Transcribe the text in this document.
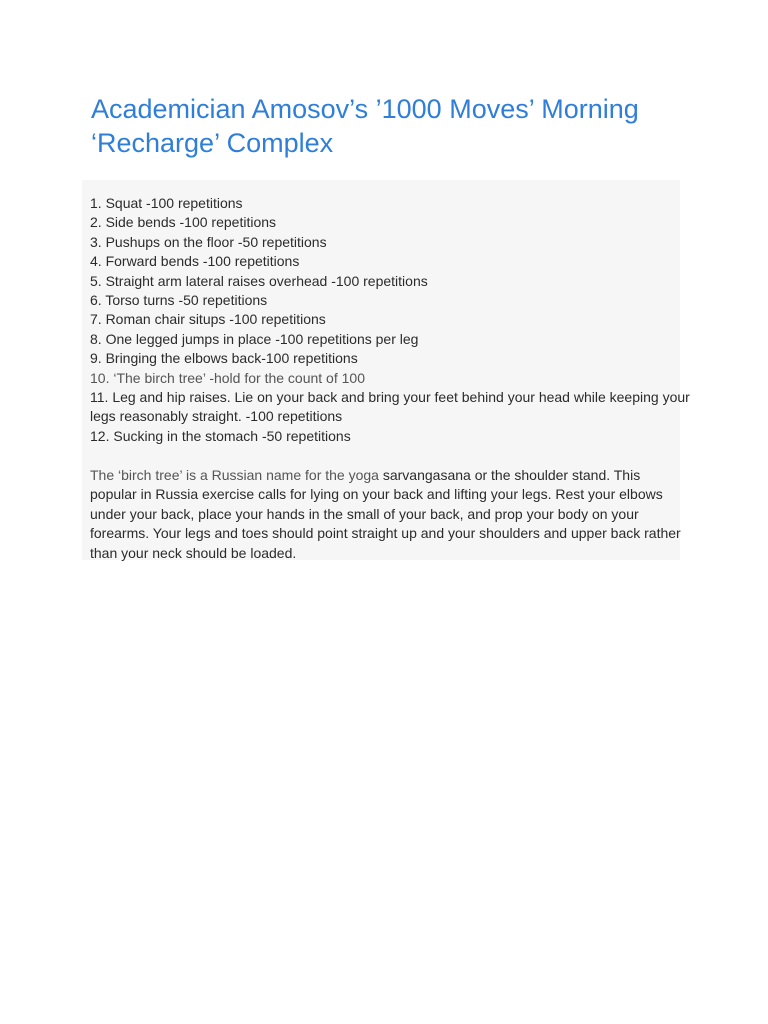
Academician Amosov’s ’1000 Moves’ Morning ‘Recharge’ Complex
1. Squat -100 repetitions
2. Side bends -100 repetitions
3. Pushups on the floor -50 repetitions
4. Forward bends -100 repetitions
5. Straight arm lateral raises overhead -100 repetitions
6. Torso turns -50 repetitions
7. Roman chair situps -100 repetitions
8. One legged jumps in place -100 repetitions per leg
9. Bringing the elbows back-100 repetitions
10. ‘The birch tree’ -hold for the count of 100
11. Leg and hip raises. Lie on your back and bring your feet behind your head while keeping your legs reasonably straight. -100 repetitions
12. Sucking in the stomach -50 repetitions

The ‘birch tree’ is a Russian name for the yoga sarvangasana or the shoulder stand. This popular in Russia exercise calls for lying on your back and lifting your legs. Rest your elbows under your back, place your hands in the small of your back, and prop your body on your forearms. Your legs and toes should point straight up and your shoulders and upper back rather than your neck should be loaded.
